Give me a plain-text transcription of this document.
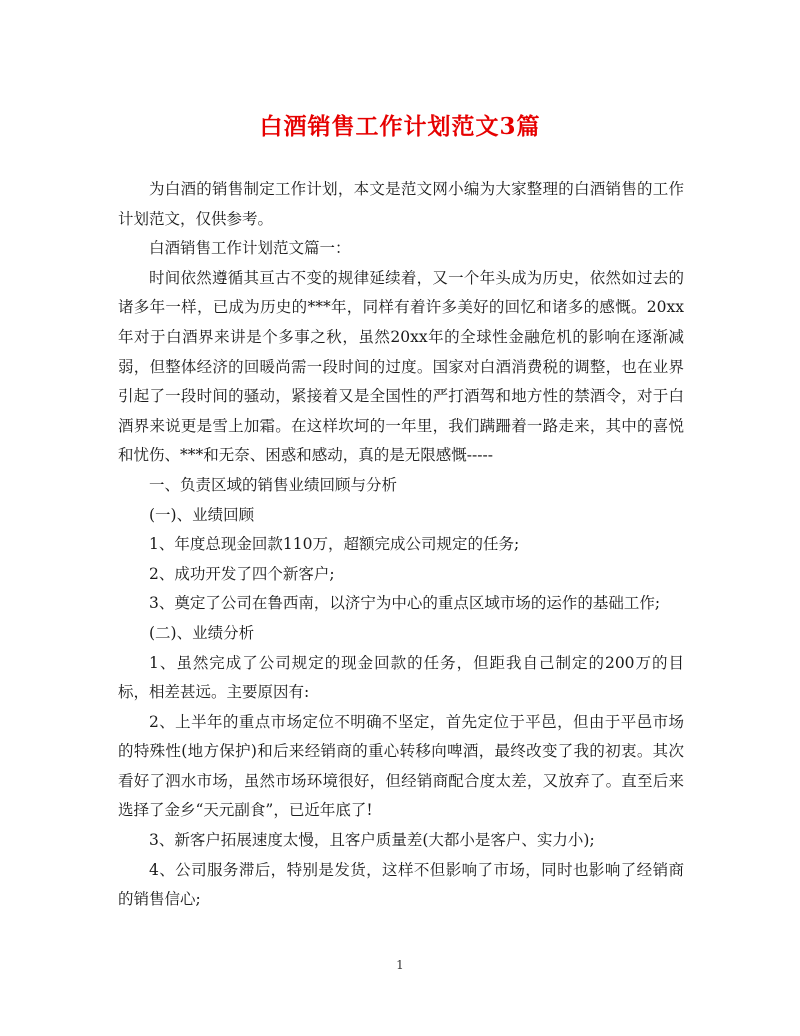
白酒销售工作计划范文3篇

为白酒的销售制定工作计划，本文是范文网小编为大家整理的白酒销售的工作计划范文，仅供参考。

白酒销售工作计划范文篇一：

时间依然遵循其亘古不变的规律延续着，又一个年头成为历史，依然如过去的诸多年一样，已成为历史的***年，同样有着许多美好的回忆和诸多的感慨。20xx年对于白酒界来讲是个多事之秋，虽然20xx年的全球性金融危机的影响在逐渐减弱，但整体经济的回暖尚需一段时间的过度。国家对白酒消费税的调整，也在业界引起了一段时间的骚动，紧接着又是全国性的严打酒驾和地方性的禁酒令，对于白酒界来说更是雪上加霜。在这样坎坷的一年里，我们蹒跚着一路走来，其中的喜悦和忧伤、***和无奈、困惑和感动，真的是无限感慨-----

一、负责区域的销售业绩回顾与分析

(一)、业绩回顾

1、年度总现金回款110万，超额完成公司规定的任务;

2、成功开发了四个新客户;

3、奠定了公司在鲁西南，以济宁为中心的重点区域市场的运作的基础工作;

(二)、业绩分析

1、虽然完成了公司规定的现金回款的任务，但距我自己制定的200万的目标，相差甚远。主要原因有:

2、上半年的重点市场定位不明确不坚定，首先定位于平邑，但由于平邑市场的特殊性(地方保护)和后来经销商的重心转移向啤酒，最终改变了我的初衷。其次看好了泗水市场，虽然市场环境很好，但经销商配合度太差，又放弃了。直至后来选择了金乡“天元副食”，已近年底了!

3、新客户拓展速度太慢，且客户质量差(大都小是客户、实力小);

4、公司服务滞后，特别是发货，这样不但影响了市场，同时也影响了经销商的销售信心;

1
